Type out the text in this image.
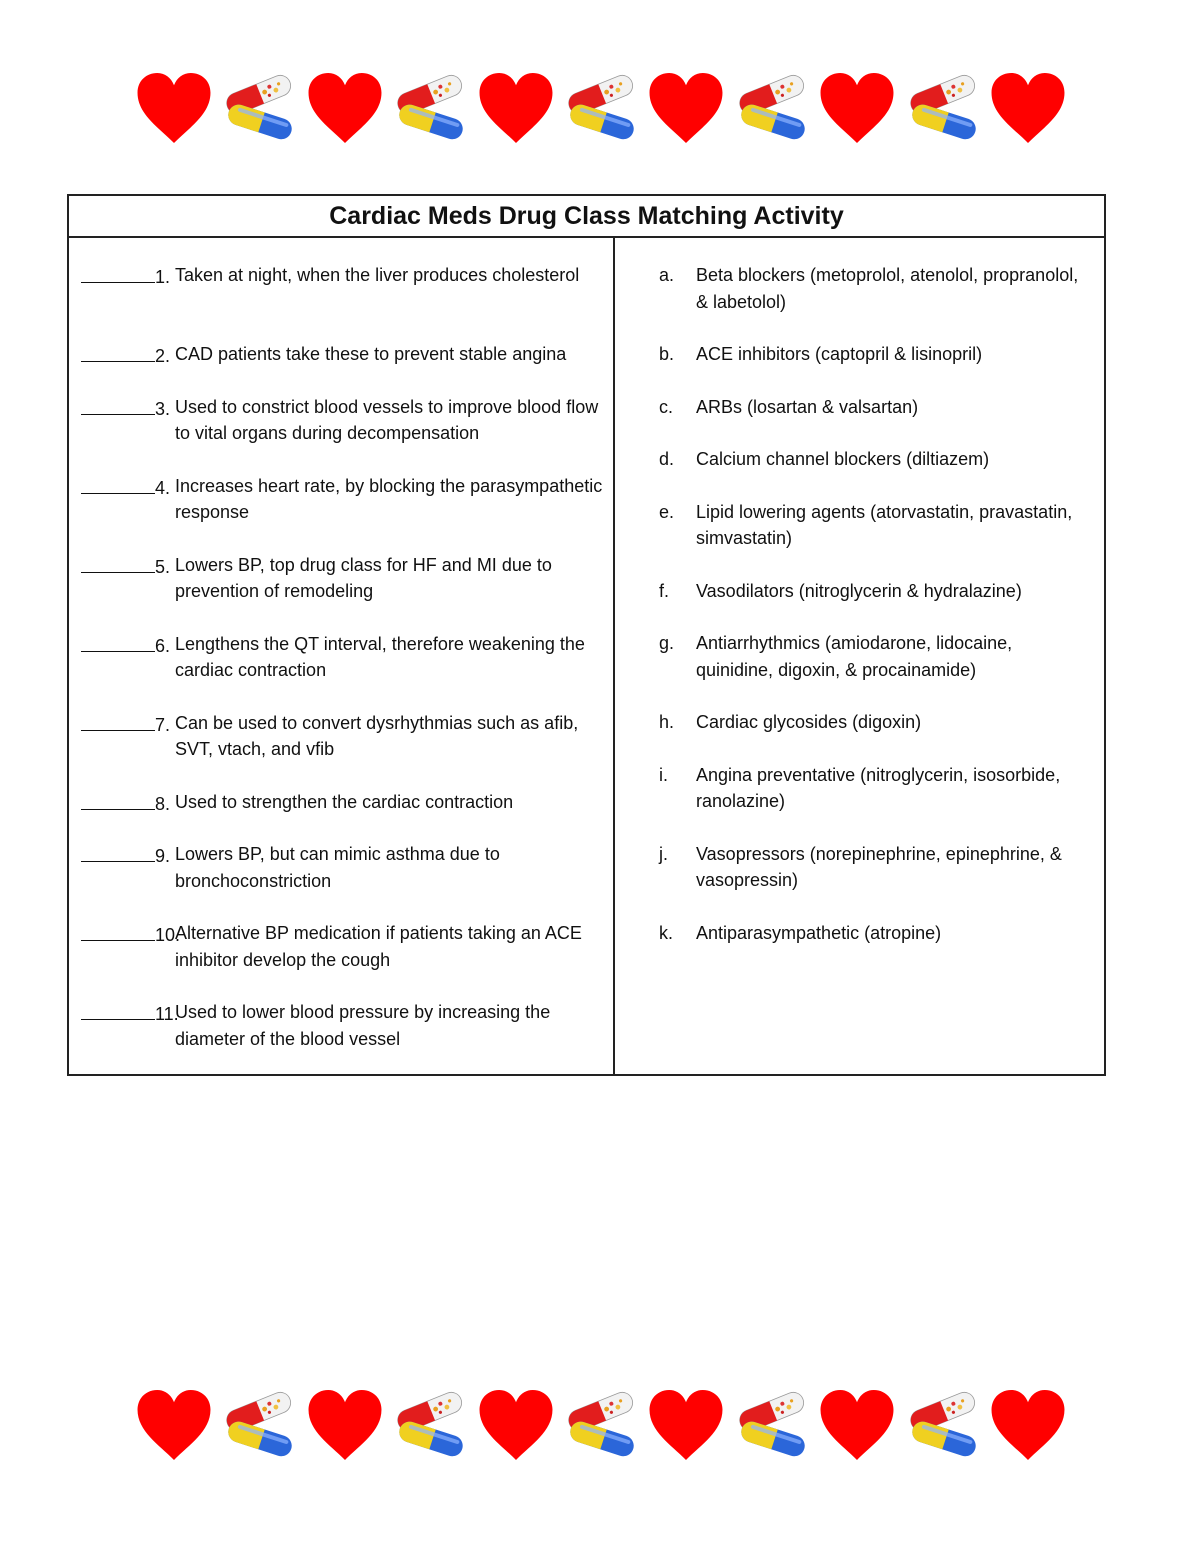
Cardiac Meds Drug Class Matching Activity
1. Taken at night, when the liver produces cholesterol
2. CAD patients take these to prevent stable angina
3. Used to constrict blood vessels to improve blood flow to vital organs during decompensation
4. Increases heart rate, by blocking the parasympathetic response
5. Lowers BP, top drug class for HF and MI due to prevention of remodeling
6. Lengthens the QT interval, therefore weakening the cardiac contraction
7. Can be used to convert dysrhythmias such as afib, SVT, vtach, and vfib
8. Used to strengthen the cardiac contraction
9. Lowers BP, but can mimic asthma due to bronchoconstriction
10.
Alternative BP medication if patients taking an ACE inhibitor develop the cough
11.
Used to lower blood pressure by increasing the diameter of the blood vessel
a. Beta blockers (metoprolol, atenolol, propranolol, & labetolol)
b. ACE inhibitors (captopril & lisinopril)
c. ARBs (losartan & valsartan)
d. Calcium channel blockers (diltiazem)
e. Lipid lowering agents (atorvastatin, pravastatin, simvastatin)
f. Vasodilators (nitroglycerin & hydralazine)
g. Antiarrhythmics (amiodarone, lidocaine, quinidine, digoxin, & procainamide)
h. Cardiac glycosides (digoxin)
i. Angina preventative (nitroglycerin, isosorbide, ranolazine)
j. Vasopressors (norepinephrine, epinephrine, & vasopressin)
k. Antiparasympathetic (atropine)
